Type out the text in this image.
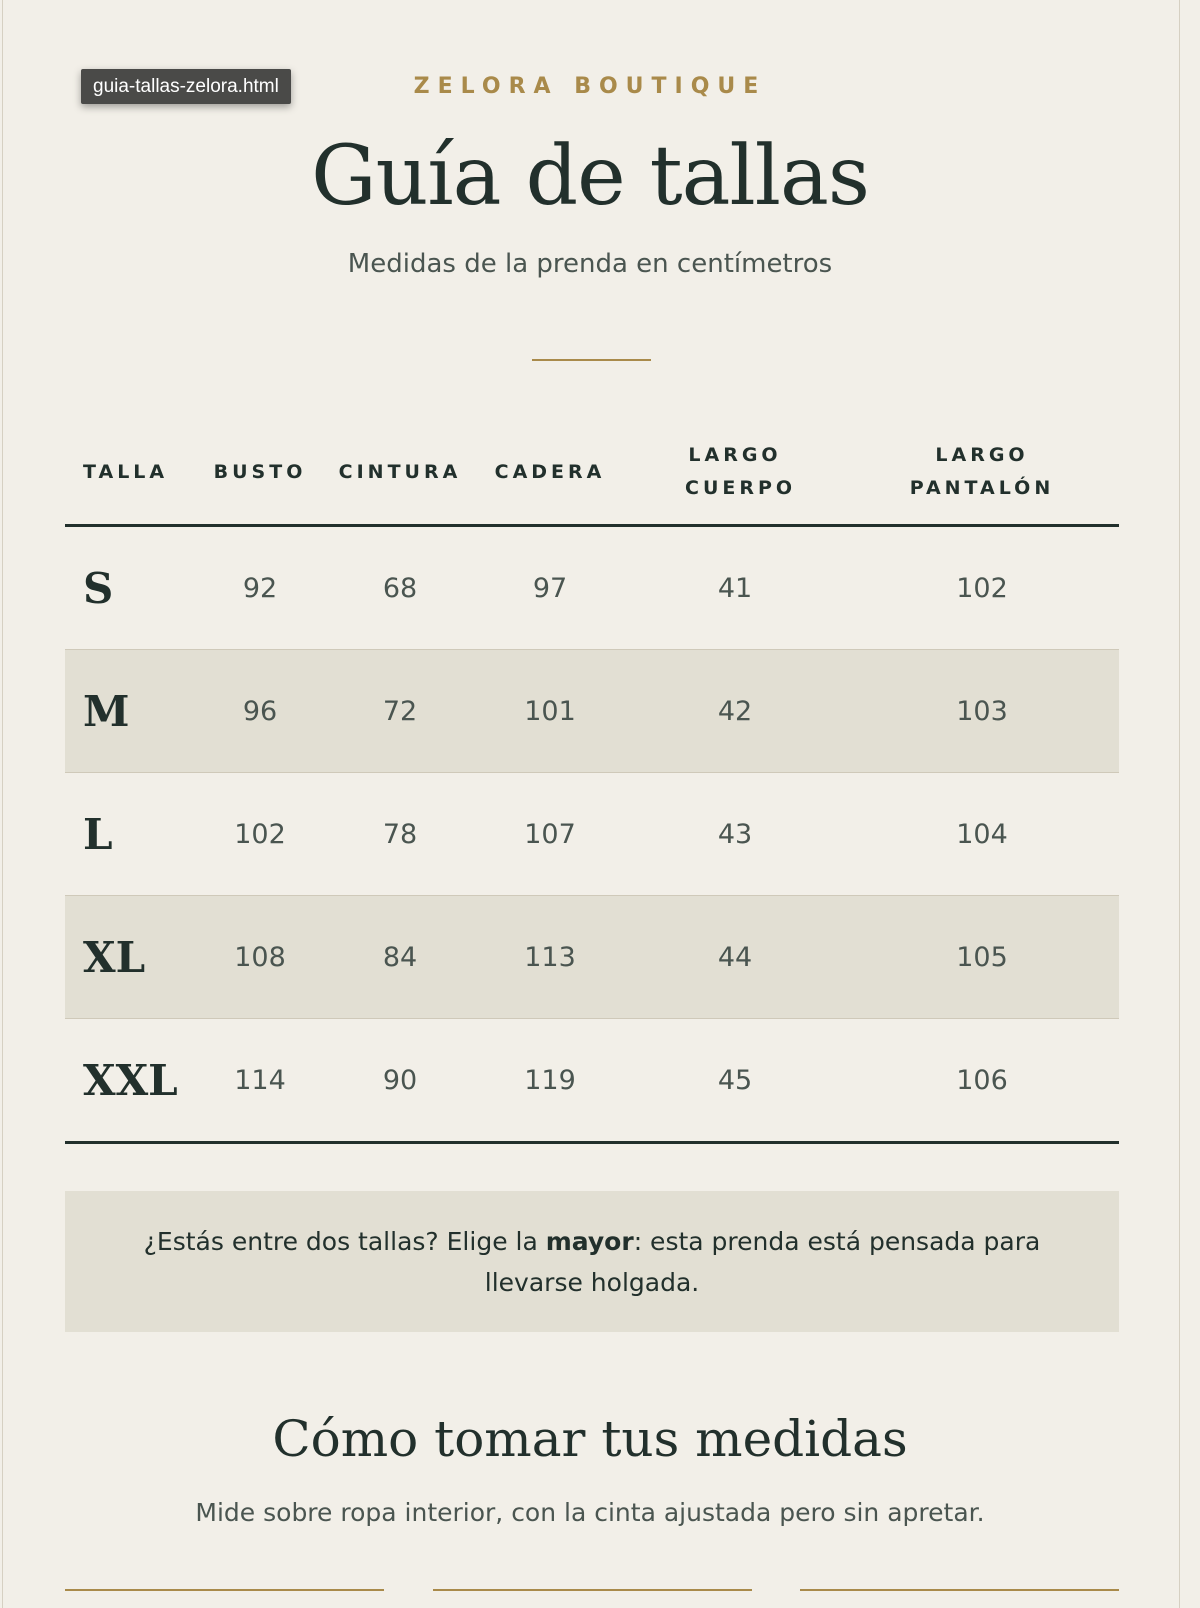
guia-tallas-zelora.html	ZELORA BOUTIQUE
Guía de tallas
Medidas de la prenda en centímetros
TALLA	BUSTO	CINTURA	CADERA	LARGO CUERPO	LARGO PANTALÓN
S	92	68	97	41	102
M	96	72	101	42	103
L	102	78	107	43	104
XL	108	84	113	44	105
XXL	114	90	119	45	106
¿Estás entre dos tallas? Elige la mayor: esta prenda está pensada para llevarse holgada.
Cómo tomar tus medidas
Mide sobre ropa interior, con la cinta ajustada pero sin apretar.
